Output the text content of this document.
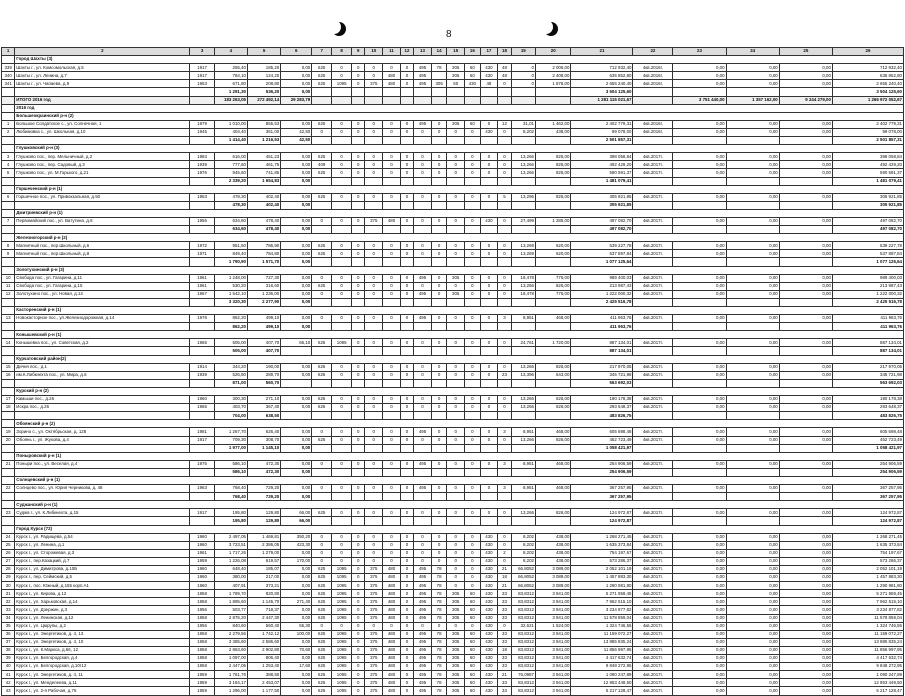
8
1	2	3	4	5	6	7	8	9	10	11	12	13	14	15	16	17	18	19	20	21	22	23	24	25	26
	Город Шахты (3)																								
339	Шахты г., ул. Комсомольская, д.5	1917	255,40	185,20	0,00	625	0	0	0	0	0	495	78	305	60	430	48	0	2 006,00	712 932,40	4кв.2016г.	0,00	0,00	0,00	712 932,40
340	Шахты г., ул. Ленина, д.7	1917	784,10	124,20	0,00	625	0	0	0	480	0	495		305	60	430	48	0	2 408,00	635 852,80	4кв.2016г.	0,00	0,00	0,00	635 852,80
341	Шахты г., ул. Чапаева, д.9	1953	671,80	208,80	0,00	625	1095	0	375	480	0	495	305	60	430	48	0	0	1 878,00	2 655 240,40	4кв.2016г.	0,00	0,00	0,00	2 655 240,40
			1 291,30	536,20	0,00															3 504 125,60					3 504 125,60
	ИТОГО 2016 год		183 263,05	272 492,14	29 283,79															1 281 115 021,67		3 751 440,00	1 357 162,00	9 244 279,00	1 266 972 052,67
	2016 год																								
	Большеокраинский р-н (2)																								
1	Большое Солдатское с., ул. Солнечная, 1	1979	1 010,00	855,53	0,00	625	0	0	0	0	0	495	0	305	60	0	12	31,01	1 462,00	2 402 779,31	4кв.2016г.	0,00	0,00	0,00	2 402 779,31
2	Любимовка с., ул. Школьная, д.10	1945	404,40	361,00	42,50	0	0	0	0	0	0	0	0	0	0	430	0	8,202	438,00	99 078,00	4кв.2016г.	0,00	0,00	0,00	99 078,00
			1 414,40	1 216,53	42,50															2 501 857,31					2 501 857,31
	Глушковский р-н (3)																								
3	Глушково пос., пер. Мельничный, д.2	1983	616,00	451,23	0,00	625	0	0	0	0	0	0	0	0	0	0	0	13,266	826,00	398 058,84	4кв.2017г.	0,00	0,00	0,00	398 058,84
4	Глушково пос., пер. Садовый, д.3	1939	777,60	461,75	0,00	409	0	0	0	0	0	0	0	0	0	0	0	13,266	826,00	492 429,20	4кв.2017г.	0,00	0,00	0,00	492 429,20
5	Глушково пос., ул. М.Горького, д.21	1976	945,60	741,85	0,00	625	0	0	0	0	0	0	0	0	0	0	0	13,266	826,00	590 591,37	4кв.2017г.	0,00	0,00	0,00	590 591,37
			2 339,20	1 654,83	0,00															1 481 079,41					1 481 079,41
	Горшеченский р-н (1)																								
6	Горшечное пос., ул. Привокзальная, д.50	1953	478,30	402,40	0,00	625	0	0	0	0	0	0	0	0	0	0	5	13,296	826,00	305 921,85	4кв.2017г.	0,00	0,00	0,00	305 921,85
			478,30	402,40	0,00															305 921,85					305 921,85
	Дмитриевский р-н (1)																								
7	Первомайский пос., ул. Ватутина, д.6	1956	634,60	478,40	0,00	0	0	0	375	480	0	0	0	0	0	430	0	27,499	1 285,00	497 082,70	4кв.2017г.	0,00	0,00	0,00	497 082,70
			634,60	478,40	0,00															497 082,70					497 082,70
	Железногорский р-н (2)																								
8	Магнитный пос., пер.Школьный, д.6	1972	951,50	786,90	0,00	625	0	0	0	0	0	0	0	0	0	0	0	13,269	620,00	539 227,78	4кв.2017г.	0,00	0,00	0,00	539 227,78
9	Магнитный пос., пер.Школьный, д.8	1971	849,40	784,80	0,00	625	0	0	0	0	0	0	0	0	0	0	0	13,269	620,00	537 897,84	4кв.2017г.	0,00	0,00	0,00	537 897,84
			1 790,90	1 571,70	0,00															1 077 125,64					1 077 125,64
	Золотухинский р-н (3)																								
10	Свобода пос., ул. Гагарина, д.11	1961	1 248,00	727,30	0,00	0	0	0	0	0	0	495	0	305	0	0	0	18,478	776,00	989 400,03	4кв.2017г.	0,00	0,00	0,00	989 400,03
11	Свобода пос., ул. Гагарина, д.15	1961	530,20	316,60	0,00	625	0	0	0	0	0	0	0	0	0	0	0	13,266	826,00	213 987,43	4кв.2017г.	0,00	0,00	0,00	213 987,43
12	Золотухино пос., ул. Новая, д.14	1967	1 542,10	1 236,00	0,00	0	0	0	0	0	0	495	0	305	0	0	0	18,478	776,00	1 222 000,32	4кв.2017г.	0,00	0,00	0,00	1 222 000,32
			3 320,30	2 277,90	0,00															2 425 516,78					2 425 516,78
	Касторенский р-н (1)																								
13	Новокасторное пос., ул.Железнодорожная, д.14	1976	862,20	499,10	0,00	0	0	0	0	0	0	495	0	0	0	0	3	8,951	468,00	411 963,76	4кв.2017г.	0,00	0,00	0,00	411 963,76
			862,20	499,10	0,00															411 963,76					411 963,76
	Конышевский р-н (1)																								
14	Конышевка пос., ул. Советская, д.2	1965	505,00	407,70	66,10	625	1095	0	0	0	0	0	0	0	0	0	0	24,761	1 720,00	887 134,01	4кв.2017г.	0,00	0,00	0,00	887 134,01
			505,00	407,70																887 134,01					887 134,01
	Курчатовский район(2)																								
15	Дичня пос., д.1	1914	344,20	190,00	0,00	625	0	0	0	0	0	0	0	0	0	0	0	13,266	826,00	217 970,05	4кв.2017г.	0,00	0,00	0,00	217 970,05
16	им.К.Либкнехта пос., ул. Мира, д.6	1939	526,80	289,70	0,00	625	0	0	0	0	0	0	0	0	0	0	23	13,396	643,00	345 721,98	4кв.2017г.	0,00	0,00	0,00	345 721,98
			871,00	560,70																563 692,03					563 692,03
	Курский р-н (2)																								
17	Камыши пос., д.26	1960	300,30	271,10	0,00	625	0	0	0	0	0	0	0	0	0	0	0	13,266	626,00	190 178,38	4кв.2017г.	0,00	0,00	0,00	190 178,38
18	Искра пос., д.26	1965	403,70	367,40	0,00	625	0	0	0	0	0	0	0	0	0	0	0	13,266	626,00	293 648,37	4кв.2017г.	0,00	0,00	0,00	293 648,37
			704,00	638,50																483 826,75					483 826,75
	Обоянский р-н (2)																								
19	Зорино с., ул. Октябрьская, д. 128	1981	1 267,70	626,40	0,00	0	0	0	0	0	0	495	0	0	0	0	3	8,951	468,00	605 698,48	4кв.2017г.	0,00	0,00	0,00	605 698,48
20	Обоянь г., ул. Жукова, д.4	1917	709,30	308,70	0,00	625	0	0	0	0	0	0	0	0	0	0	0	13,266	826,00	452 723,49	4кв.2017г.	0,00	0,00	0,00	452 723,49
			1 977,00	1 145,10	0,00															1 058 421,97					1 058 421,97
	Поныровский р-н (1)																								
21	Поныри пос., ул. Веселая, д.4	1976	586,10	472,30	0,00	0	0	0	0	0	0	495	0	0	0	0	3	8,951	468,00	254 906,59	4кв.2017г.	0,00	0,00	0,00	254 906,59
			586,10	472,30	0,00															254 906,59					254 906,59
	Солнцевский р-н (1)																								
22	Солнцево пос., ул. Юрия Черникова, д. 48	1963	768,40	729,20	0,00	0	0	0	0	0	0	495	0	0	0	0	3	8,951	468,00	367 257,95	4кв.2017г.	0,00	0,00	0,00	367 257,95
			768,40	729,20	0,00															367 257,95					367 257,95
	Суджанский р-н (1)																								
23	Суджа г., ул. К.Либкнехта, д.15	1917	195,80	129,80	66,00	625	0	0	0	0	0	0	0	0	0	0	0	13,266	826,00	124 972,87	4кв.2017г.	0,00	0,00	0,00	124 972,87
			195,80	129,80	66,00															124 972,87					124 972,87
	Город Курск (72)																								
24	Курск г., ул. Радищева, д.54	1960	2 497,05	1 469,81	350,20	0	0	0	0	0	0	0	0	0	0	430	0	8,202	438,00	1 268 271,45	4кв.2017г.	0,00	0,00	0,00	1 268 271,45
25	Курск г., ул. Ленина, д.1	1960	3 723,51	2 386,05	423,30	0	0	0	0	0	0	0	0	0	0	430	0	8,202	438,00	1 635 373,84	4кв.2017г.	0,00	0,00	0,00	1 635 373,84
26	Курск г., ул. Сторожевая, д.3	1961	1 717,26	1 279,00	0,00	0	0	0	0	0	0	0	0	0	0	430	2	8,202	438,00	754 197,67	4кв.2017г.	0,00	0,00	0,00	754 197,67
27	Курск г., пер.Казацкий, д.7	1959	1 226,08	619,57	170,00	0	0	0	0	0	0	0	0	0	0	430	0	8,202	438,00	573 286,37	4кв.2017г.	0,00	0,00	0,00	573 286,37
28	Курск г., ул. Димитрова, д.10Б	1960	648,40	185,07	0,00	625	1095	0	375	480	0	495	78	0	0	430	21	66,8052	3 089,00	2 052 101,19	4кв.2017г.	0,00	0,00	0,00	2 052 101,19
29	Курск г., пер. Сеймский, д.5	1960	380,00	217,00	0,00	625	1095	0	375	480	0	495	78	0	0	430	18	66,8052	3 089,00	1 457 883,30	4кв.2017г.	0,00	0,00	0,00	1 457 883,30
30	Курск г., пос. Южный, д.155 корп.А1	1960	407,91	373,21	0,00	625	1095	0	375	480	0	495	78	0	0	430	21	66,8052	3 089,00	1 290 981,80	4кв.2017г.	0,00	0,00	0,00	1 290 981,80
31	Курск г., ул. Кирова, д.12	1958	1 789,70	820,80	0,00	625	1095	0	375	480	0	495	78	305	60	430	33	83,8312	3 941,00	5 271 959,45	4кв.2017г.	0,00	0,00	0,00	5 271 959,45
32	Курск г., ул. Харьковская, д.14	1958	1 895,60	1 145,70	271,40	625	1095	0	375	480	0	495	78	305	60	430	33	83,8312	3 941,00	7 962 515,10	4кв.2017г.	0,00	0,00	0,00	7 962 515,10
33	Курск г., ул. Дзержин, д.3	1956	503,77	718,37	0,00	625	1095	0	375	480	0	495	78	305	60	430	33	83,8312	3 941,00	3 234 877,82	4кв.2017г.	0,00	0,00	0,00	3 234 877,82
34	Курск г., ул. Ленинская, д.12	1958	2 876,20	2 447,30	0,00	625	1095	0	375	480	0	495	78	305	60	430	33	83,8312	3 941,00	11 578 859,04	4кв.2017г.	0,00	0,00	0,00	11 578 859,04
35	Курск г., ул. Цюрупы, д.2	1956	840,60	560,40	55,30	0	0	0	0	0	0	0	0	0	0	430	0	32,621	1 524,00	1 324 746,55	4кв.2017г.	0,00	0,00	0,00	1 324 746,55
36	Курск г., ул. Энергетиков, д. 4, 13	1958	2 279,56	1 742,12	100,00	625	1095	0	375	480	0	495	78	305	60	430	33	83,8312	3 941,00	11 159 072,27	4кв.2017г.	0,00	0,00	0,00	11 159 072,27
37	Курск г., ул. Энергетиков, д. 4, 10	1958	3 385,60	2 586,60	0,00	625	1095	0	375	480	0	495	78	305	60	430	33	83,8312	3 941,00	13 885 835,24	4кв.2017г.	0,00	0,00	0,00	13 885 835,24
38	Курск г., ул. К.Маркса, д.66, 12	1958	2 863,60	2 902,80	70,60	625	1095	0	375	480	0	495	78	305	60	430	18	83,8312	3 941,00	11 856 997,95	4кв.2017г.	0,00	0,00	0,00	11 856 997,95
39	Курск г., ул. Белгородская, д.4	1958	1 097,00	806,40	0,00	625	1095	0	375	480	0	495	78	305	60	430	33	83,8312	3 941,00	4 417 632,74	4кв.2017г.	0,00	0,00	0,00	4 417 632,74
40	Курск г., ул. Белгородская, д.10г12	1958	2 447,06	1 253,40	17,60	625	1095	0	375	480	0	495	78	305	60	430	33	83,8312	3 941,00	9 848 272,95	4кв.2017г.	0,00	0,00	0,00	9 848 272,95
41	Курск г., ул. Энергетиков, д. 4, 11	1959	1 761,76	388,50	0,00	625	1095	0	375	480	0	495	78	305	60	430	21	76,0987	3 941,00	1 090 247,89	4кв.2017г.	0,00	0,00	0,00	1 090 247,89
42	Курск г., ул. Менделеева, д.11	1959	3 184,17	2 453,07	0,00	625	1095	0	375	480	0	495	78	305	60	430	33	83,8312	3 941,00	12 853 449,50	4кв.2017г.	0,00	0,00	0,00	12 853 449,50
43	Курск г., ул. 2-я Рабочая, д.76	1959	1 296,00	1 177,50	0,00	625	1095	0	375	480	0	495	78	305	60	430	33	83,8312	3 941,00	5 217 128,47	4кв.2017г.	0,00	0,00	0,00	5 217 128,47
